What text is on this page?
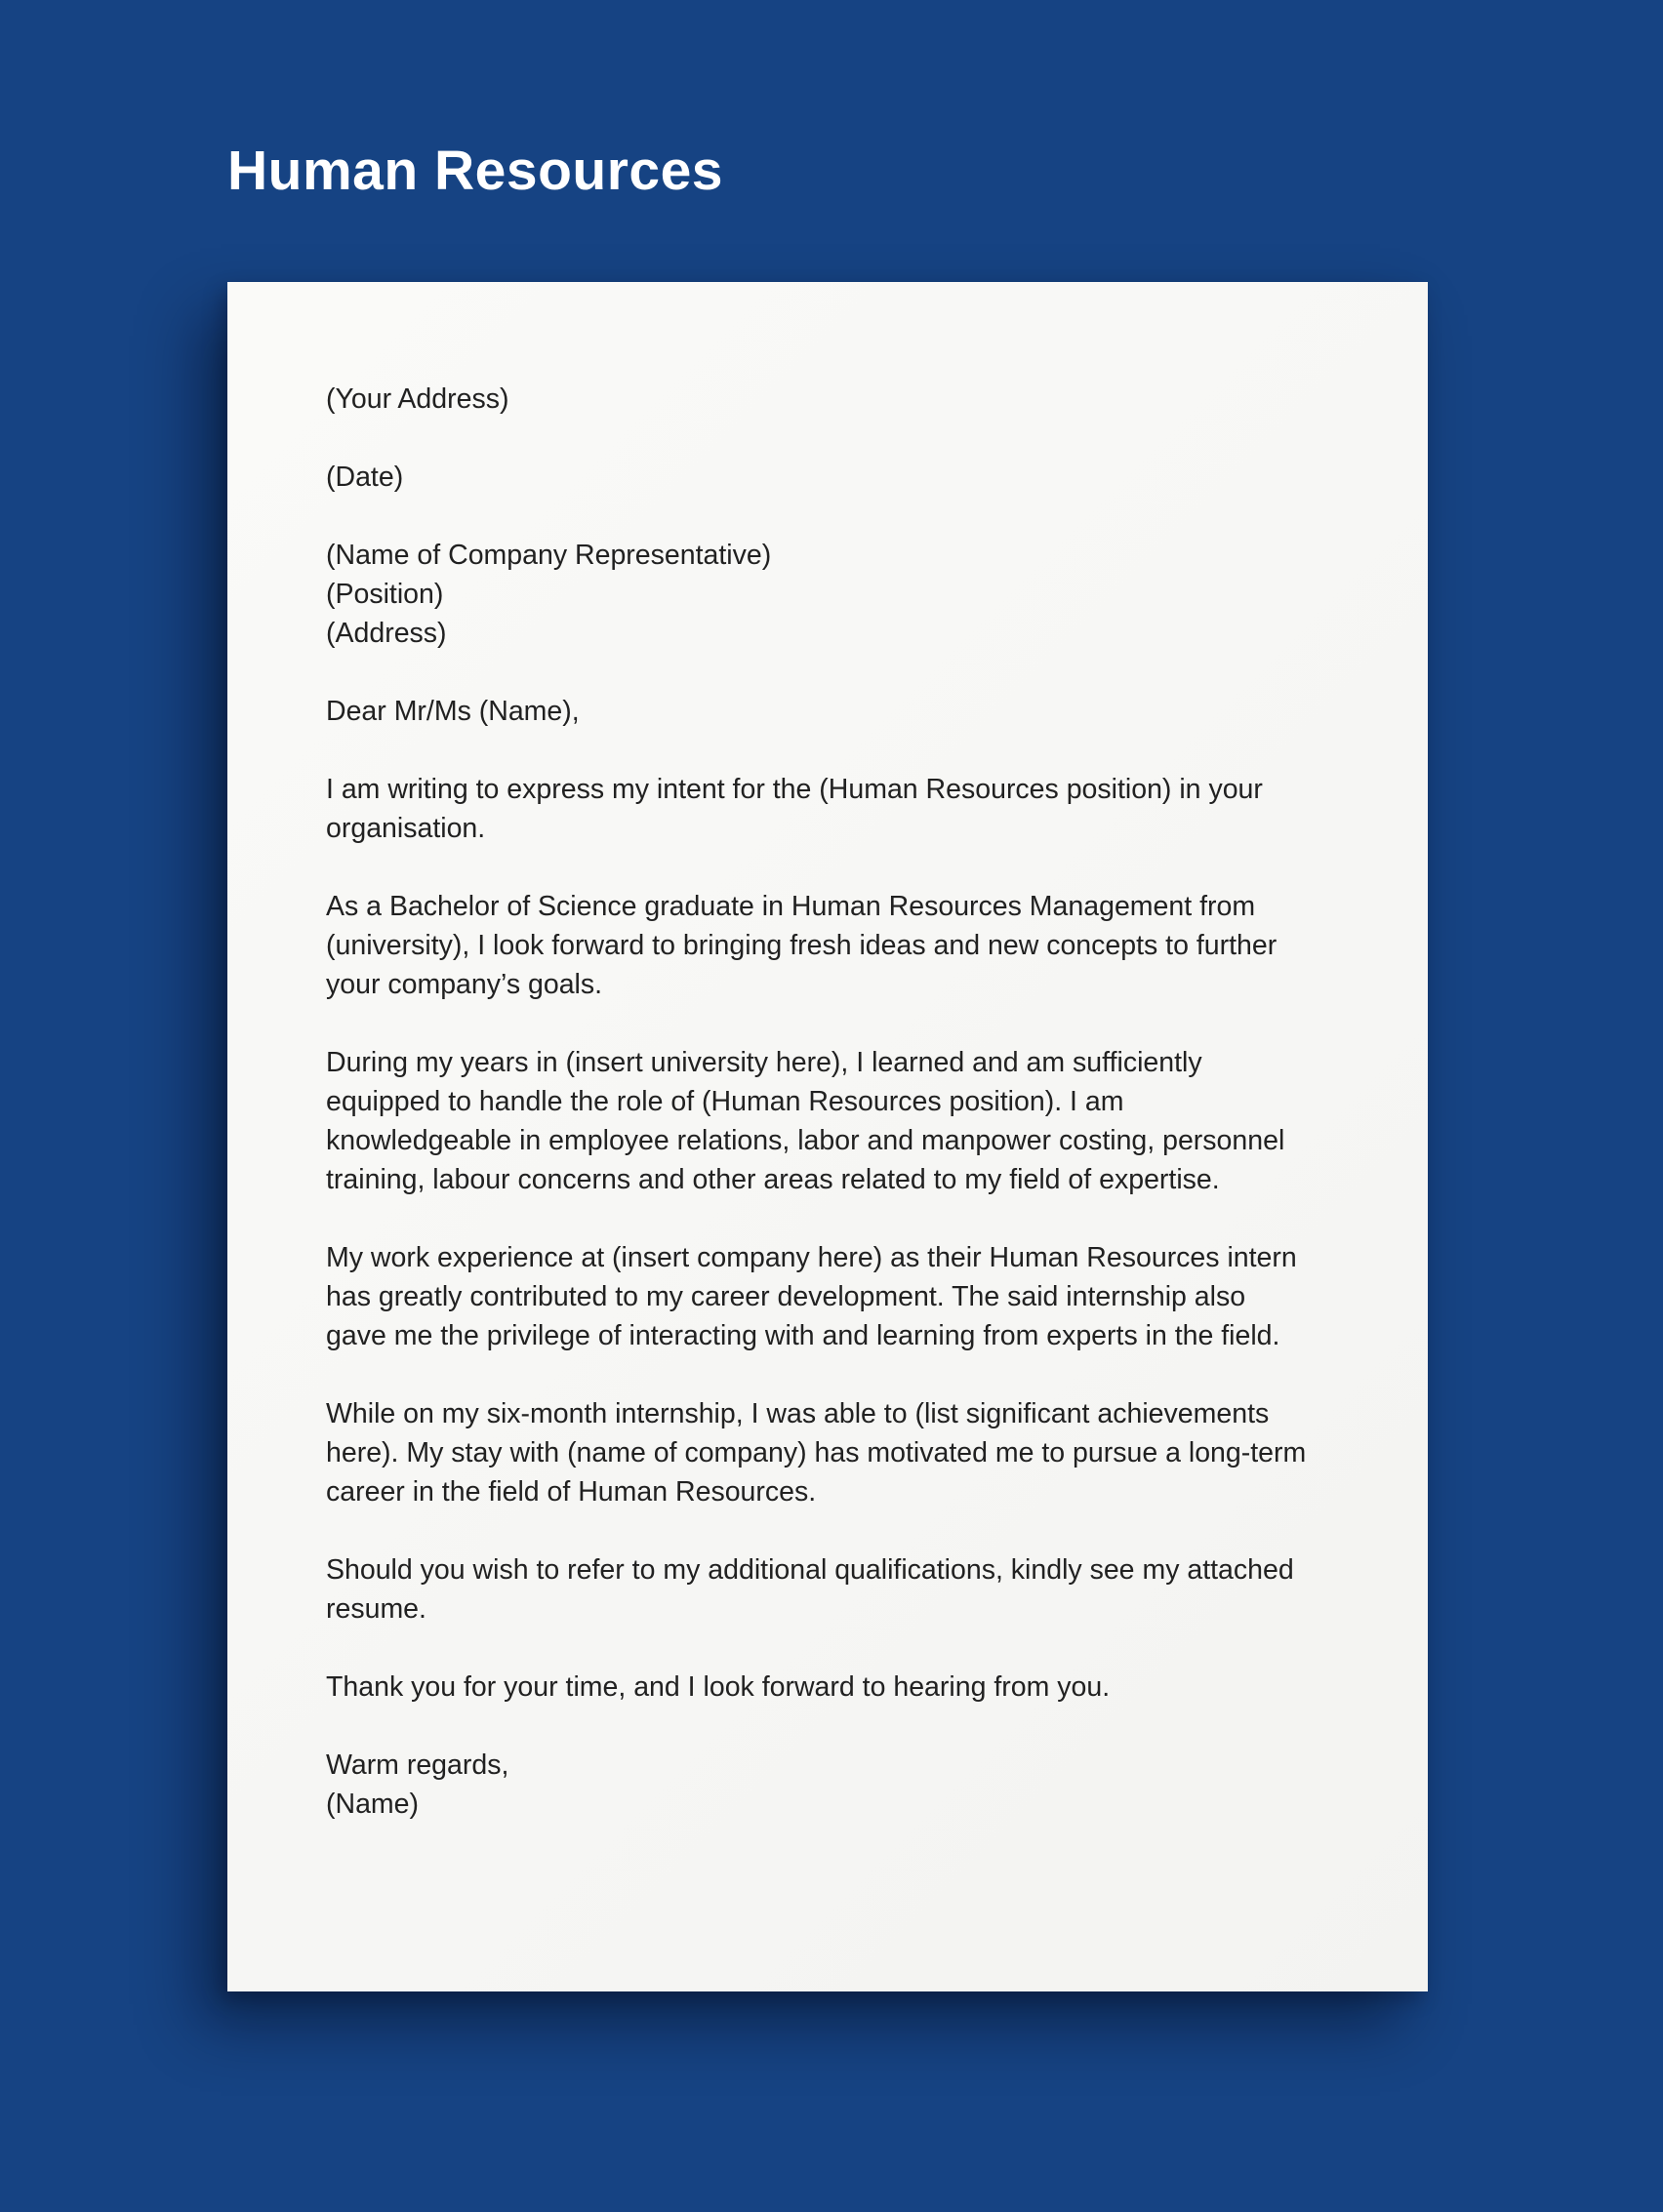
Human Resources
(Your Address)
(Date)
(Name of Company Representative)
(Position)
(Address)

Dear Mr/Ms (Name),

I am writing to express my intent for the (Human Resources position) in your organisation.

As a Bachelor of Science graduate in Human Resources Management from (university), I look forward to bringing fresh ideas and new concepts to further your company’s goals.

During my years in (insert university here), I learned and am sufficiently equipped to handle the role of (Human Resources position). I am knowledgeable in employee relations, labor and manpower costing, personnel training, labour concerns and other areas related to my field of expertise.

My work experience at (insert company here) as their Human Resources intern has greatly contributed to my career development. The said internship also gave me the privilege of interacting with and learning from experts in the field.

While on my six-month internship, I was able to (list significant achievements here). My stay with (name of company) has motivated me to pursue a long-term career in the field of Human Resources.

Should you wish to refer to my additional qualifications, kindly see my attached resume.

Thank you for your time, and I look forward to hearing from you.

Warm regards,
(Name)
